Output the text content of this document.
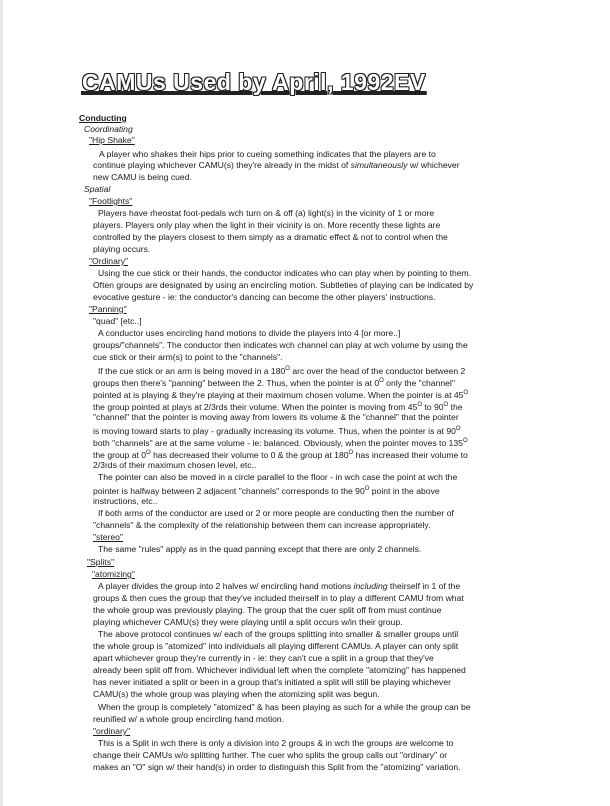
CAMUs Used by April, 1992EV
Conducting
Coordinating
"Hip Shake"
A player who shakes their hips prior to cueing something indicates that the players are to
continue playing whichever CAMU(s) they're already in the midst of simultaneously w/ whichever
new CAMU is being cued.
Spatial
"Footlights"
Players have rheostat foot-pedals wch turn on & off (a) light(s) in the vicinity of 1 or more
players. Players only play when the light in their vicinity is on. More recently these lights are
controlled by the players closest to them simply as a dramatic effect & not to control when the
playing occurs.
"Ordinary"
Using the cue stick or their hands, the conductor indicates who can play when by pointing to them.
Often groups are designated by using an encircling motion. Subtleties of playing can be indicated by
evocative gesture - ie: the conductor's dancing can become the other players' instructions.
"Panning"
"quad" [etc..]
A conductor uses encircling hand motions to divide the players into 4 [or more..]
groups/"channels". The conductor then indicates wch channel can play at wch volume by using the
cue stick or their arm(s) to point to the "channels".
If the cue stick or an arm is being moved in a $180^O$ arc over the head of the conductor between 2
groups then there's "panning" between the 2. Thus, when the pointer is at $0^O$ only the "channel"
pointed at is playing & they're playing at their maximum chosen volume. When the pointer is at $45^O$
the group pointed at plays at 2/3rds their volume. When the pointer is moving from $45^O$ to $90^O$ the
"channel" that the pointer is moving away from lowers its volume & the "channel" that the pointer
is moving toward starts to play - gradually increasing its volume. Thus, when the pointer is at $90^O$
both "channels" are at the same volume - ie: balanced. Obviously, when the pointer moves to $135^O$
the group at $0^O$ has decreased their volume to 0 & the group at $180^O$ has increased their volume to
2/3rds of their maximum chosen level, etc..
The pointer can also be moved in a circle parallel to the floor - in wch case the point at wch the
pointer is halfway between 2 adjacent "channels" corresponds to the $90^O$ point in the above
instructions, etc..
If both arms of the conductor are used or 2 or more people are conducting then the number of
"channels" & the complexity of the relationship between them can increase appropriately.
"stereo"
The same "rules" apply as in the quad panning except that there are only 2 channels.
"Splits"
"atomizing"
A player divides the group into 2 halves w/ encircling hand motions including theirself in 1 of the
groups & then cues the group that they've included theirself in to play a different CAMU from what
the whole group was previously playing. The group that the cuer split off from must continue
playing whichever CAMU(s) they were playing until a split occurs w/in their group.
The above protocol continues w/ each of the groups splitting into smaller & smaller groups until
the whole group is "atomized" into individuals all playing different CAMUs. A player can only split
apart whichever group they're currently in - ie: they can't cue a split in a group that they've
already been split off from. Whichever individual left when the complete "atomizing" has happened
has never initiated a split or been in a group that's initiated a split will still be playing whichever
CAMU(s) the whole group was playing when the atomizing split was begun.
When the group is completely "atomized" & has been playing as such for a while the group can be
reunified w/ a whole group encircling hand motion.
"ordinary"
This is a Split in wch there is only a division into 2 groups & in wch the groups are welcome to
change their CAMUs w/o splitting further. The cuer who splits the group calls out "ordinary" or
makes an "O" sign w/ their hand(s) in order to distinguish this Split from the "atomizing" variation.
